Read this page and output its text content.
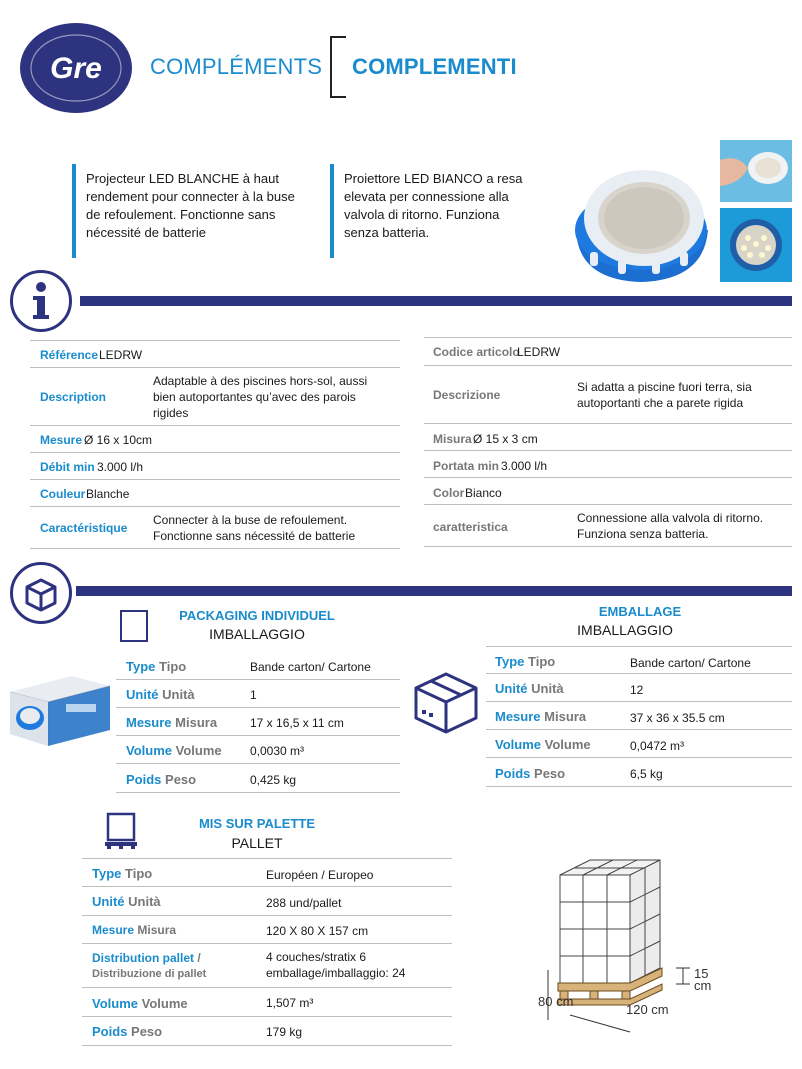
Gre COMPLÉMENTS COMPLEMENTI
Projecteur LED BLANCHE à haut
rendement pour connecter à la buse
de refoulement. Fonctionne sans
nécessité de batterie
Proiettore LED BIANCO a resa
elevata per connessione alla
valvola di ritorno. Funziona
senza batteria.
Référence LEDRW
Description
Adaptable à des piscines hors-sol, aussi
bien autoportantes qu’avec des parois
rigides
Mesure Ø 16 x 10cm
Débit min 3.000 l/h
Couleur Blanche
Caractéristique
Connecter à la buse de refoulement.
Fonctionne sans nécessité de batterie
Codice articolo
LEDRW
Descrizione
Si adatta a piscine fuori terra, sia
autoportanti che a parete rigida
Misura Ø 15 x 3 cm
Portata min 3.000 l/h
Color Bianco
caratteristica
Connessione alla valvola di ritorno.
Funziona senza batteria.
PACKAGING INDIVIDUEL
IMBALLAGGIO
Type Tipo	Bande carton/ Cartone
Unité Unità	1
Mesure Misura	17 x 16,5 x 11 cm
Volume Volume 0,0030 m³
Poids Peso	0,425 kg
EMBALLAGE
IMBALLAGGIO
Type Tipo	Bande carton/ Cartone
Unité Unità	12
Mesure Misura	37 x 36 x 35.5 cm
Volume Volume	0,0472 m³
Poids Peso	6,5 kg
MIS SUR PALETTE
PALLET
Type Tipo	Européen / Europeo
Unité Unità	288 und/pallet
Mesure Misura	120 X 80 X 157 cm
Distribution pallet /
Distribuzione di pallet
4 couches/stratix 6
emballage/imballaggio: 24
Volume Volume	1,507 m³
Poids Peso	179 kg
80 cm
120 cm
15
cm
